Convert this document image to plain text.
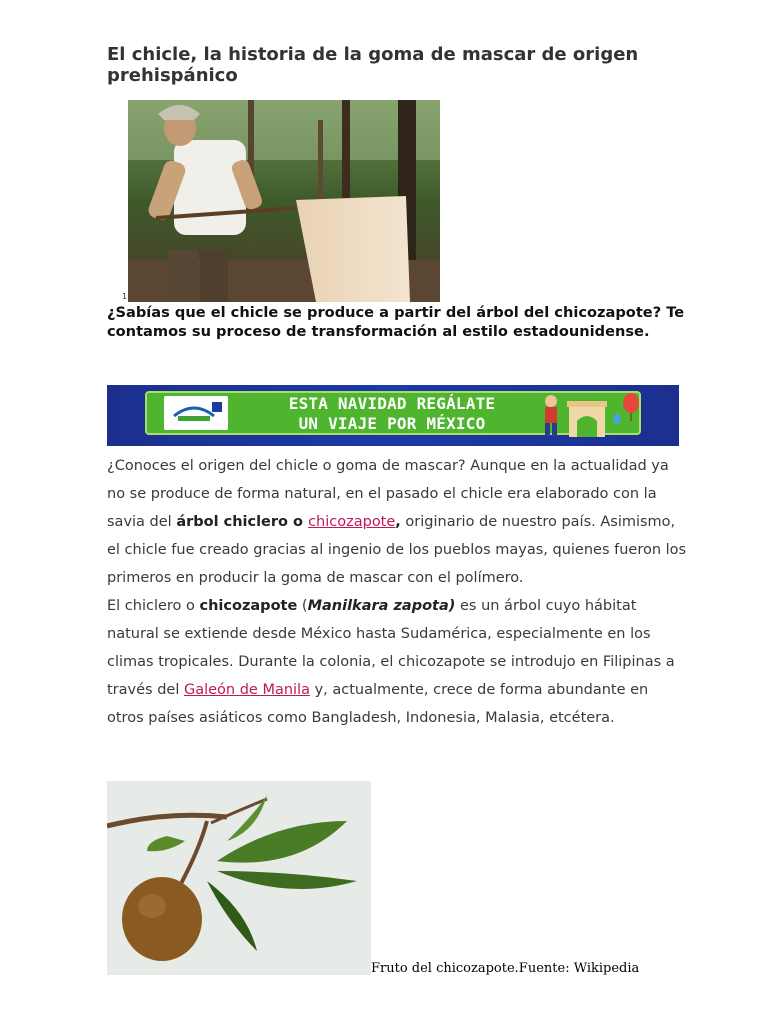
El chicle, la historia de la goma de mascar de origen prehispánico
1

¿Sabías que el chicle se produce a partir del árbol del chicozapote? Te contamos su proceso de transformación al estilo estadounidense.

ESTA NAVIDAD REGÁLATE
UN VIAJE POR MÉXICO

¿Conoces el origen del chicle o goma de mascar? Aunque en la actualidad ya no se produce de forma natural, en el pasado el chicle era elaborado con la savia del árbol chiclero o chicozapote, originario de nuestro país. Asimismo, el chicle fue creado gracias al ingenio de los pueblos mayas, quienes fueron los primeros en producir la goma de mascar con el polímero.

El chiclero o chicozapote (Manilkara zapota) es un árbol cuyo hábitat natural se extiende desde México hasta Sudamérica, especialmente en los climas tropicales. Durante la colonia, el chicozapote se introdujo en Filipinas a través del Galeón de Manila y, actualmente, crece de forma abundante en otros países asiáticos como Bangladesh, Indonesia, Malasia, etcétera.

Fruto del chicozapote.Fuente: Wikipedia
